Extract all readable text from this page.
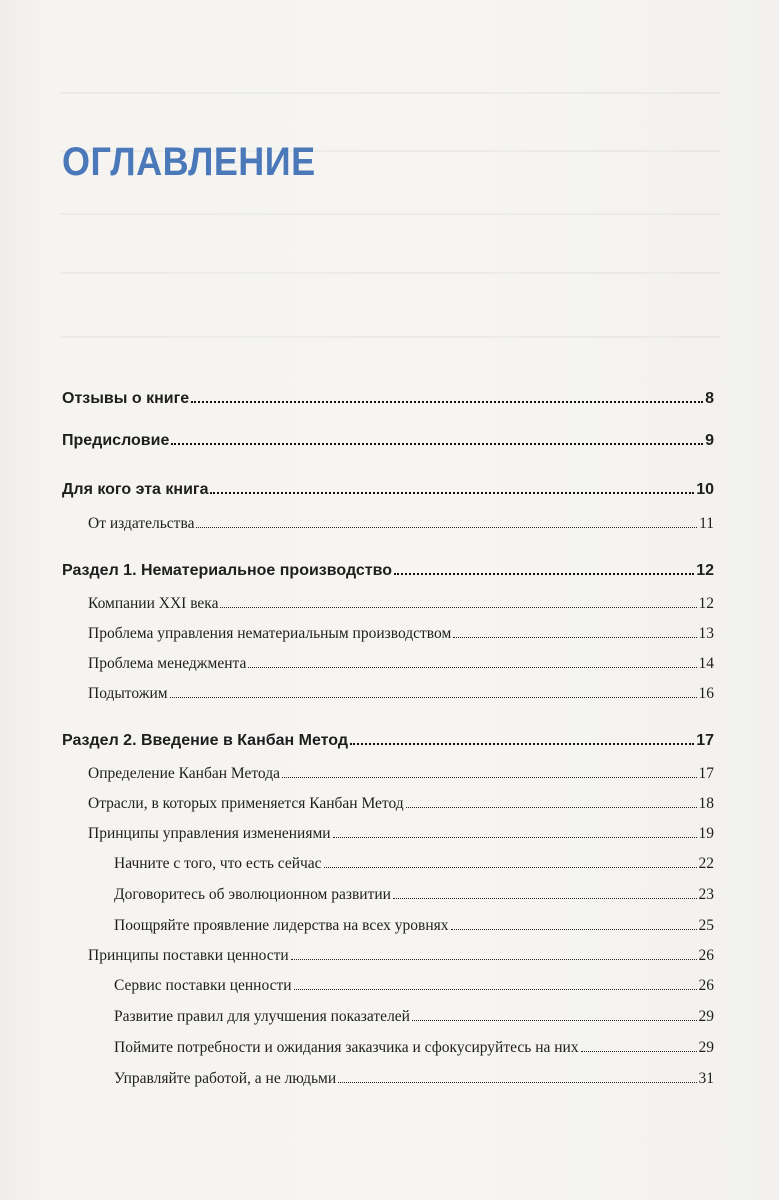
ОГЛАВЛЕНИЕ
Отзывы о книге	8
Предисловие	9
Для кого эта книга	10
От издательства	11
Раздел 1. Нематериальное производство	12
Компании XXI века	12
Проблема управления нематериальным производством	13
Проблема менеджмента	14
Подытожим	16
Раздел 2. Введение в Канбан Метод	17
Определение Канбан Метода	17
Отрасли, в которых применяется Канбан Метод	18
Принципы управления изменениями	19
Начните с того, что есть сейчас	22
Договоритесь об эволюционном развитии	23
Поощряйте проявление лидерства на всех уровнях	25
Принципы поставки ценности	26
Сервис поставки ценности	26
Развитие правил для улучшения показателей	29
Поймите потребности и ожидания заказчика и сфокусируйтесь на них	29
Управляйте работой, а не людьми	31
